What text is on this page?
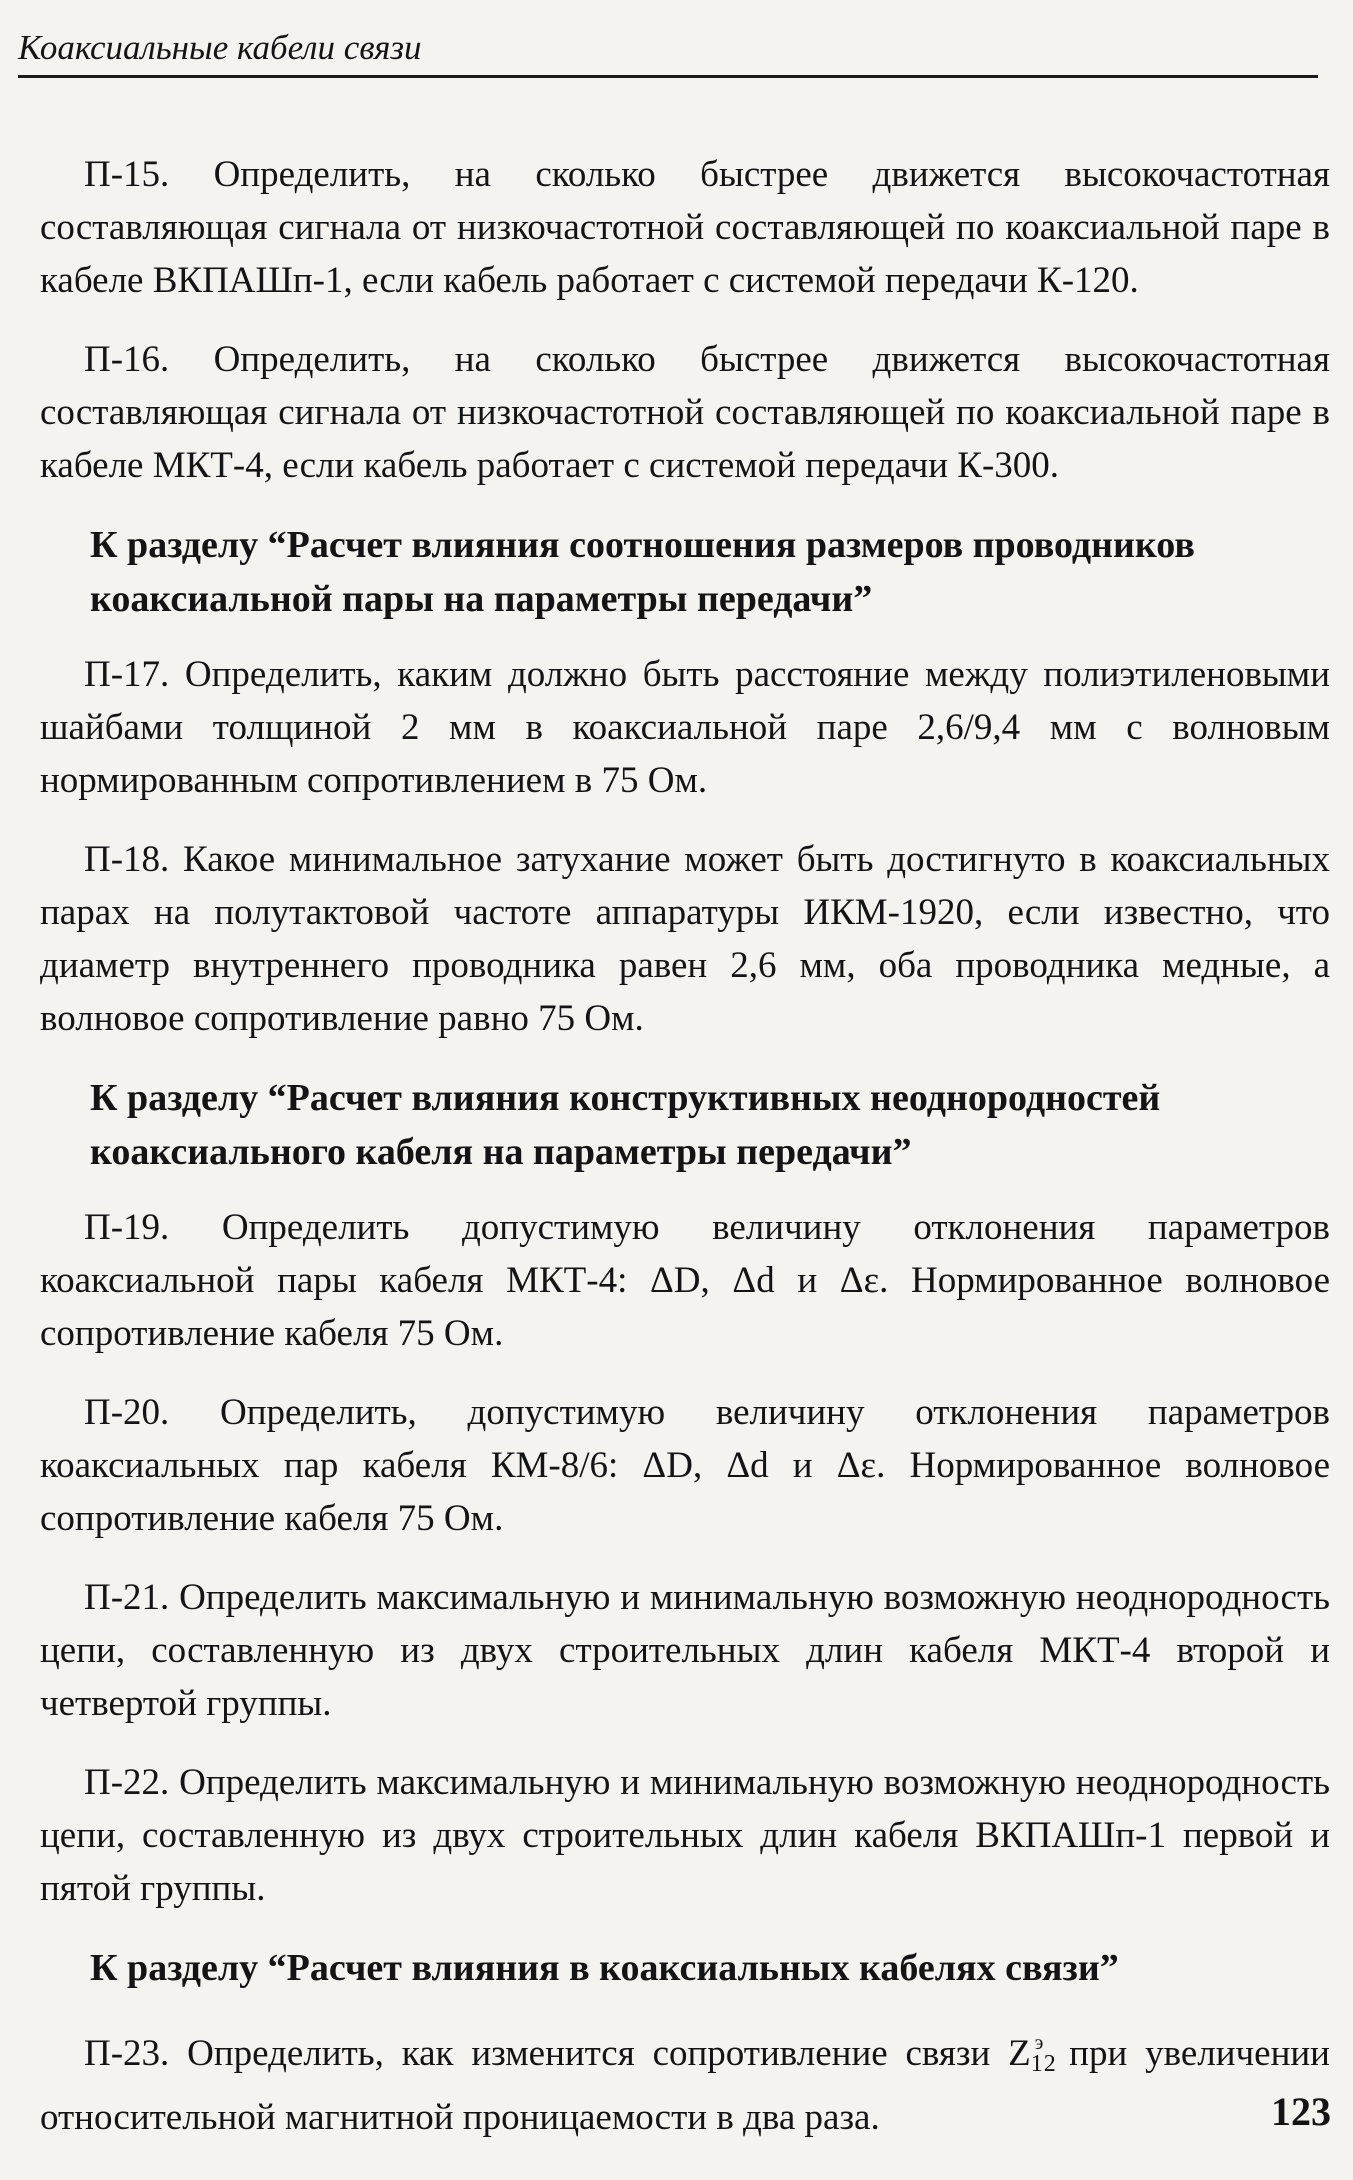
Коаксиальные кабели связи

П-15. Определить, на сколько быстрее движется высокочастотная составляющая сигнала от низкочастотной составляющей по коаксиальной паре в кабеле ВКПАШп-1, если кабель работает с системой передачи К-120.

П-16. Определить, на сколько быстрее движется высокочастотная составляющая сигнала от низкочастотной составляющей по коаксиальной паре в кабеле МКТ-4, если кабель работает с системой передачи К-300.

К разделу “Расчет влияния соотношения размеров проводников коаксиальной пары на параметры передачи”

П-17. Определить, каким должно быть расстояние между полиэтиленовыми шайбами толщиной 2 мм в коаксиальной паре 2,6/9,4 мм с волновым нормированным сопротивлением в 75 Ом.

П-18. Какое минимальное затухание может быть достигнуто в коаксиальных парах на полутактовой частоте аппаратуры ИКМ-1920, если известно, что диаметр внутреннего проводника равен 2,6 мм, оба проводника медные, а волновое сопротивление равно 75 Ом.

К разделу “Расчет влияния конструктивных неоднородностей коаксиального кабеля на параметры передачи”

П-19. Определить допустимую величину отклонения параметров коаксиальной пары кабеля МКТ-4: ΔD, Δd и Δε. Нормированное волновое сопротивление кабеля 75 Ом.

П-20. Определить, допустимую величину отклонения параметров коаксиальных пар кабеля КМ-8/6: ΔD, Δd и Δε. Нормированное волновое сопротивление кабеля 75 Ом.

П-21. Определить максимальную и минимальную возможную неоднородность цепи, составленную из двух строительных длин кабеля МКТ-4 второй и четвертой группы.

П-22. Определить максимальную и минимальную возможную неоднородность цепи, составленную из двух строительных длин кабеля ВКПАШп-1 первой и пятой группы.

К разделу “Расчет влияния в коаксиальных кабелях связи”

П-23. Определить, как изменится сопротивление связи $Z12^э$ при увеличении относительной магнитной проницаемости в два раза.	123
